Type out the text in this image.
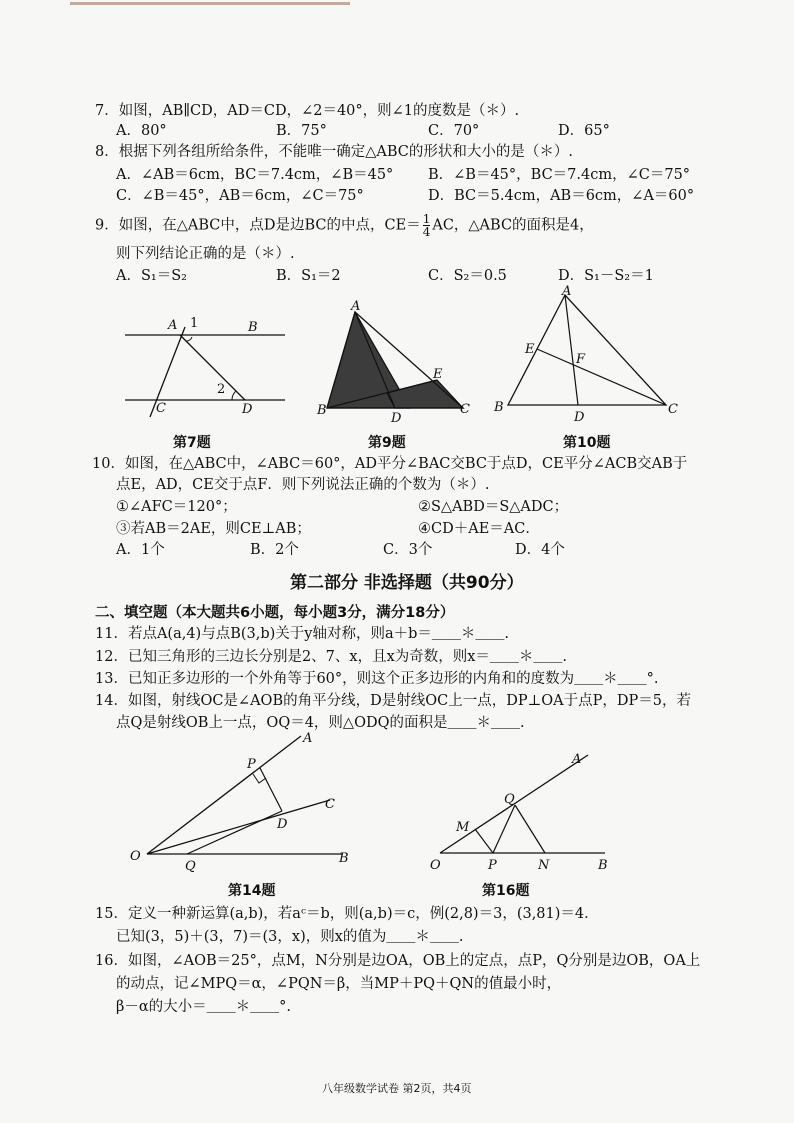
7．如图，AB∥CD，AD＝CD，∠2＝40°，则∠1的度数是（＊）.
A．80°	B．75°	C．70°	D．65°
8．根据下列各组所给条件，不能唯一确定△ABC的形状和大小的是（＊）.
A．∠AB＝6cm，BC＝7.4cm，∠B＝45° B．∠B＝45°，BC＝7.4cm，∠C＝75°
C．∠B＝45°，AB＝6cm，∠C＝75°	D．BC＝5.4cm，AB＝6cm，∠A＝60°
9．如图，在△ABC中，点D是边BC的中点，$CE= \frac{1}{4}$ AC，△ABC的面积是4，
则下列结论正确的是（＊）.
A．S₁＝S₂	B．S₁＝2	C．S₂＝0.5	D．S₁－S₂＝1
A 1	B
2
C	D
第7题
A
E
B
D
C
第9题
A
E
F
B
D
C
第10题
10．如图，在△ABC中，∠ABC＝60°，AD平分∠BAC交BC于点D，CE平分∠ACB交AB于
点E，AD，CE交于点F．则下列说法正确的个数为（＊）.
①∠AFC＝120°；	②S△ABD＝S△ADC；
③若AB＝2AE，则CE⊥AB；	④CD＋AE＝AC．
A．1个	B．2个	C．3个	D．4个
第二部分 非选择题（共90分）
二、填空题（本大题共6小题，每小题3分，满分18分）
11．若点A(a,4)与点B(3,b)关于y轴对称，则a＋b＝＿＿＊＿＿.
12．已知三角形的三边长分别是2、7、x，且x为奇数，则x＝＿＿＊＿＿.
13．已知正多边形的一个外角等于60°，则这个正多边形的内角和的度数为＿＿＊＿＿°.
14．如图，射线OC是∠AOB的角平分线，D是射线OC上一点，DP⊥OA于点P，DP＝5，若
点Q是射线OB上一点，OQ＝4，则△ODQ的面积是＿＿＊＿＿.
A
P
C
D
O
Q
B
第14题
A
Q
M
O	P	N	B
第16题
15．定义一种新运算(a,b)，若aᶜ＝b，则(a,b)＝c，例(2,8)＝3，(3,81)＝4．
已知(3，5)＋(3，7)＝(3，x)，则x的值为＿＿＊＿＿.
16．如图，∠AOB＝25°，点M，N分别是边OA，OB上的定点，点P，Q分别是边OB，OA上
的动点，记∠MPQ＝α，∠PQN＝β，当MP＋PQ＋QN的值最小时，
β－α的大小＝＿＿＊＿＿°.
八年级数学试卷 第2页，共4页
